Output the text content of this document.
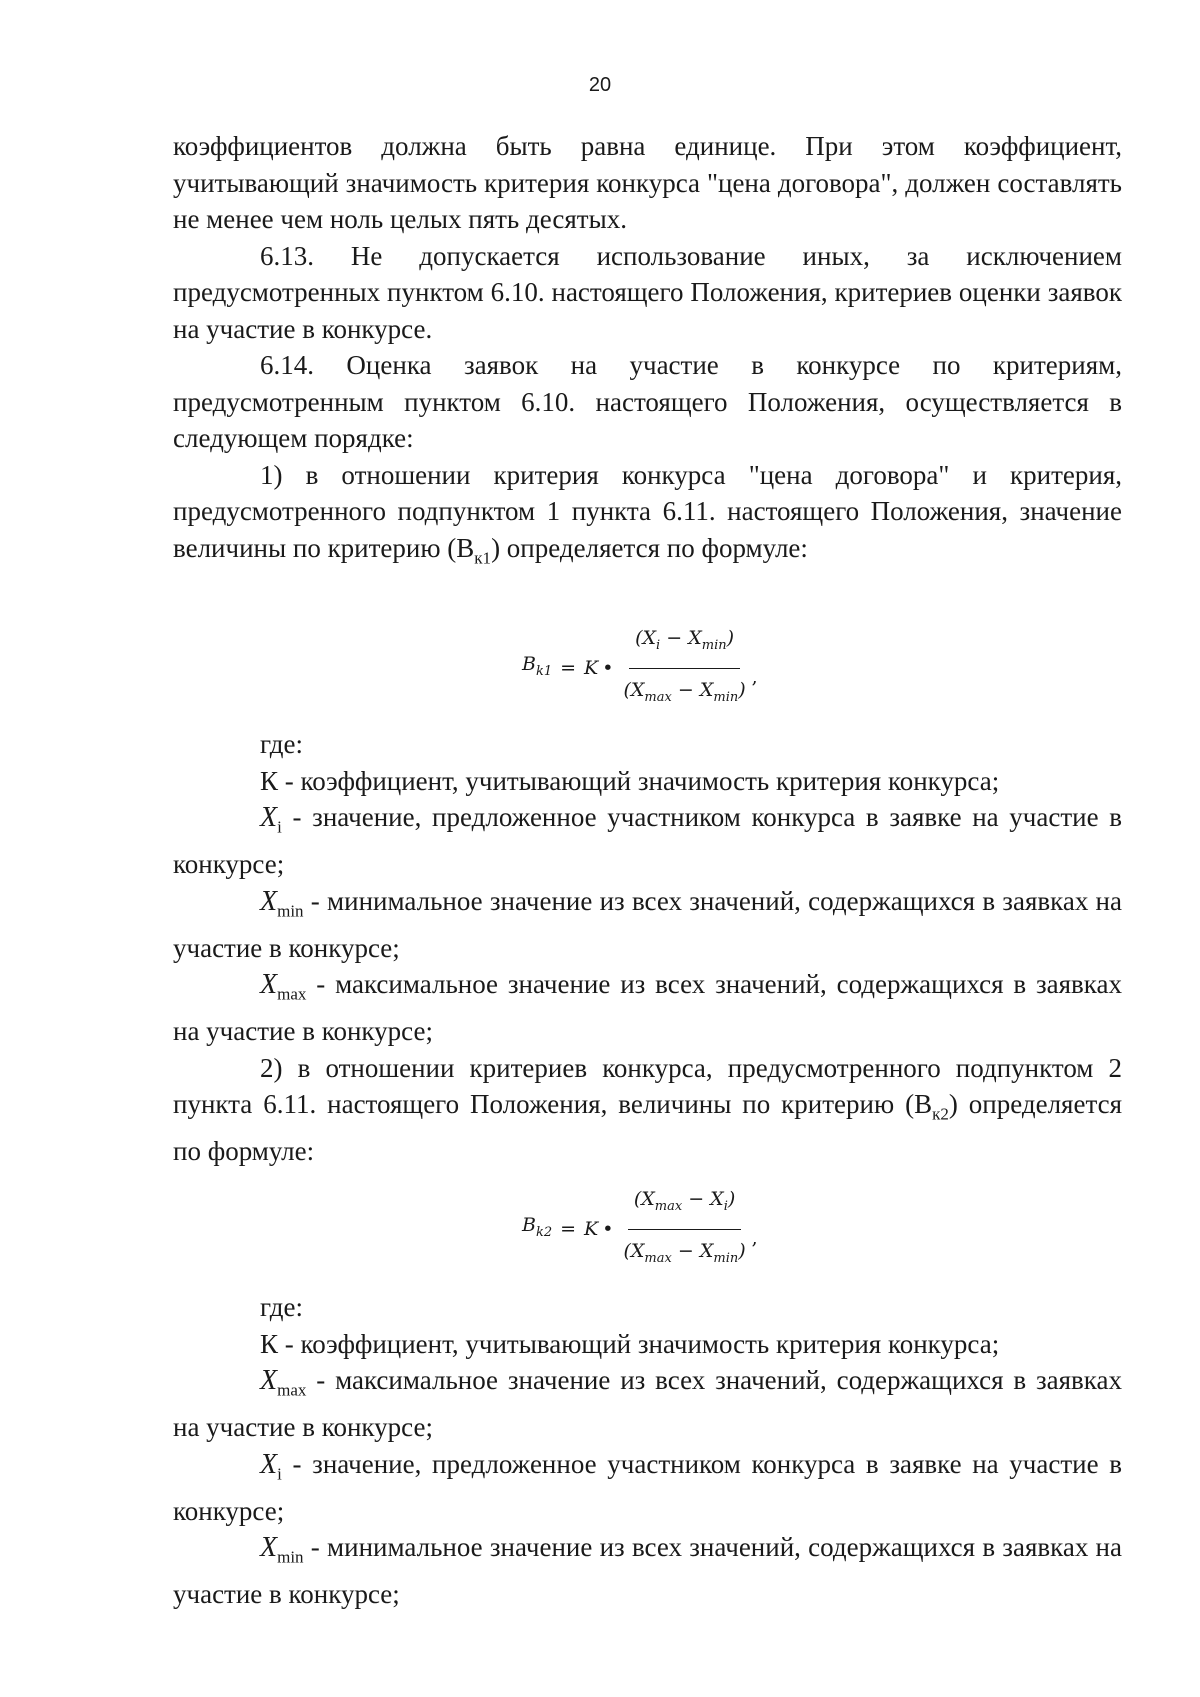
20

коэффициентов должна быть равна единице. При этом коэффициент, учитывающий значимость критерия конкурса "цена договора", должен составлять не менее чем ноль целых пять десятых.

6.13. Не допускается использование иных, за исключением предусмотренных пунктом 6.10. настоящего Положения, критериев оценки заявок на участие в конкурсе.

6.14. Оценка заявок на участие в конкурсе по критериям, предусмотренным пунктом 6.10. настоящего Положения, осуществляется в следующем порядке:

1) в отношении критерия конкурса "цена договора" и критерия, предусмотренного подпунктом 1 пункта 6.11. настоящего Положения, значение величины по критерию $(В_{к1})$ определяется по формуле:

$B_{k1} = K$ • $\frac{(X_i - X_{min})}{(X_{max} - X_{min})}$ ,

где:

К - коэффициент, учитывающий значимость критерия конкурса;

$X_i$ - значение, предложенное участником конкурса в заявке на участие в конкурсе;

$X_{min}$ - минимальное значение из всех значений, содержащихся в заявках на участие в конкурсе;

$X_{max}$ - максимальное значение из всех значений, содержащихся в заявках на участие в конкурсе;

2) в отношении критериев конкурса, предусмотренного подпунктом 2 пункта 6.11. настоящего Положения, величины по критерию $(В_{к2})$ определяется по формуле:

$B_{k2} = K$ • $\frac{(X_{max} - X_i)}{(X_{max} - X_{min})}$ ,

где:

К - коэффициент, учитывающий значимость критерия конкурса;

$X_{max}$ - максимальное значение из всех значений, содержащихся в заявках на участие в конкурсе;

$X_i$ - значение, предложенное участником конкурса в заявке на участие в конкурсе;

$X_{min}$ - минимальное значение из всех значений, содержащихся в заявках на участие в конкурсе;
